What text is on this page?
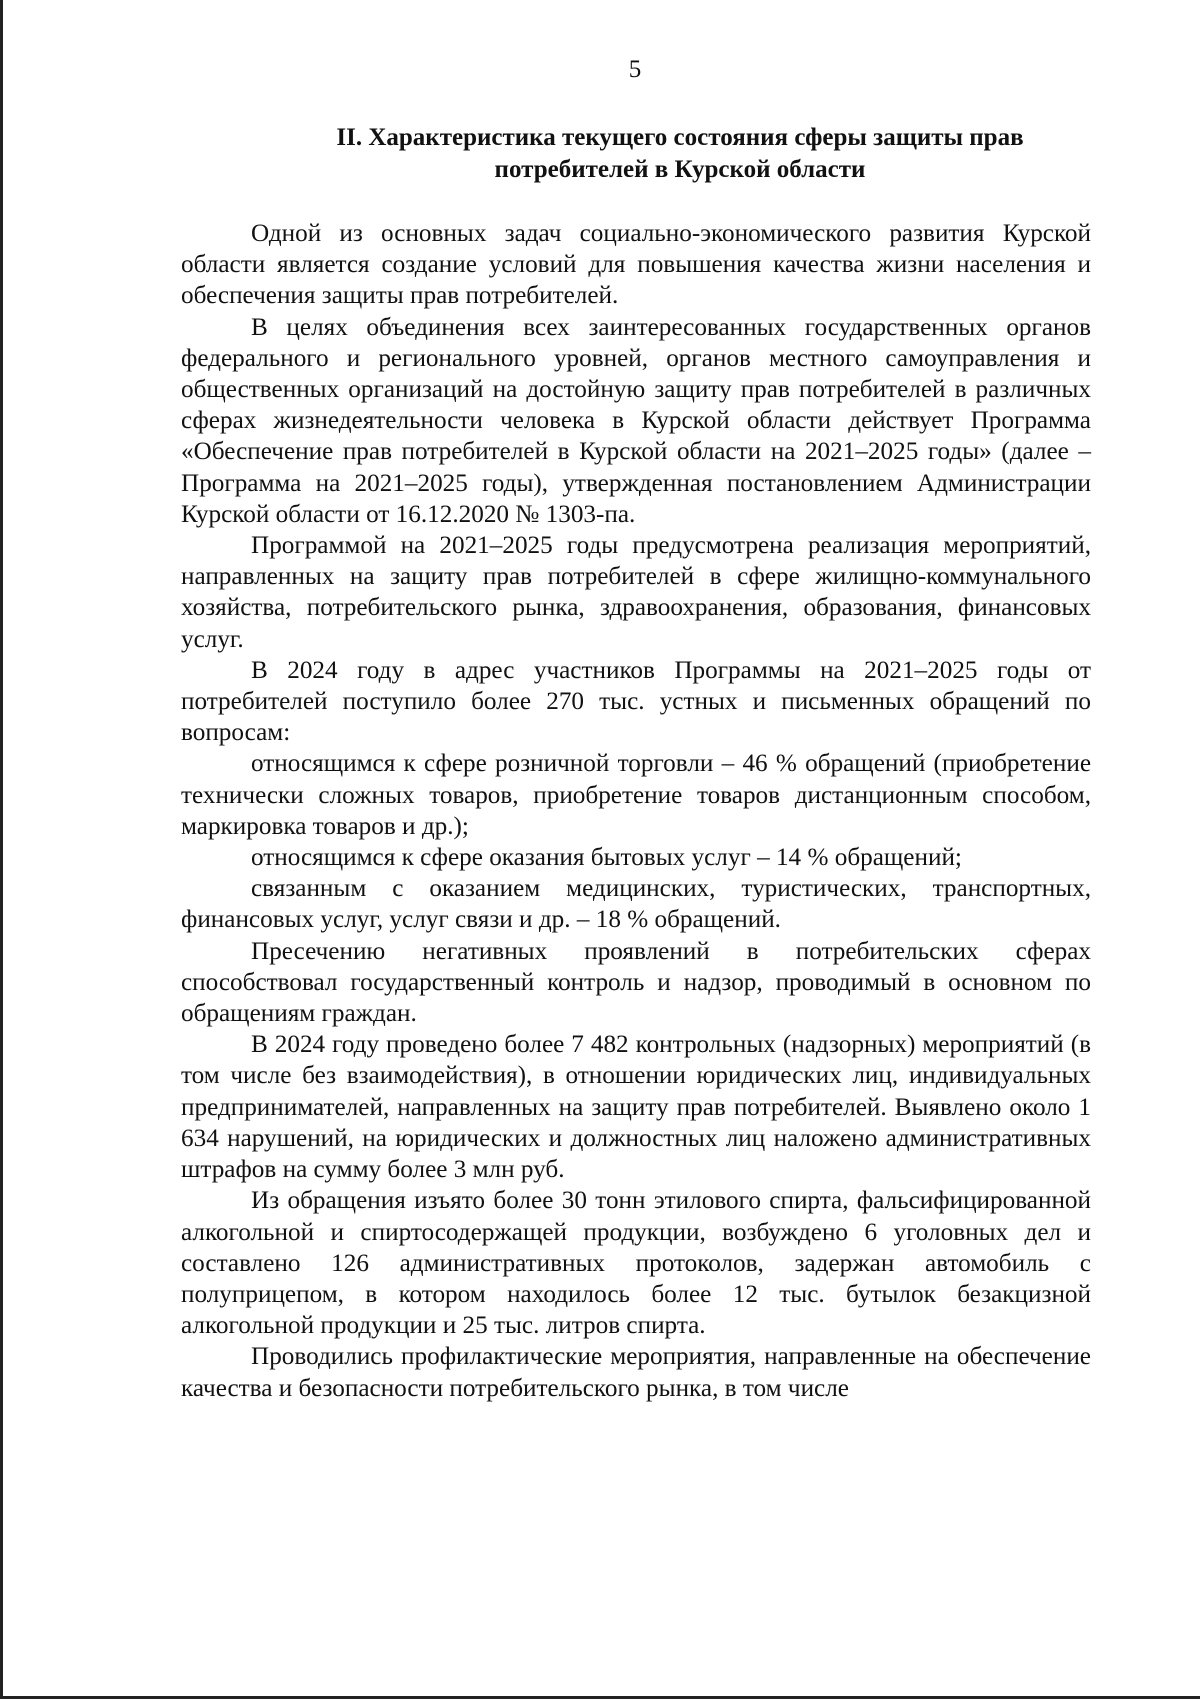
5
II. Характеристика текущего состояния сферы защиты прав
потребителей в Курской области

Одной из основных задач социально-экономического развития Курской области является создание условий для повышения качества жизни населения и обеспечения защиты прав потребителей.

В целях объединения всех заинтересованных государственных органов федерального и регионального уровней, органов местного самоуправления и общественных организаций на достойную защиту прав потребителей в различных сферах жизнедеятельности человека в Курской области действует Программа «Обеспечение прав потребителей в Курской области на 2021–2025 годы» (далее – Программа на 2021–2025 годы), утвержденная постановлением Администрации Курской области от 16.12.2020 № 1303-па.

Программой на 2021–2025 годы предусмотрена реализация мероприятий, направленных на защиту прав потребителей в сфере жилищно-коммунального хозяйства, потребительского рынка, здравоохранения, образования, финансовых услуг.

В 2024 году в адрес участников Программы на 2021–2025 годы от потребителей поступило более 270 тыс. устных и письменных обращений по вопросам:

относящимся к сфере розничной торговли – 46 % обращений (приобретение технически сложных товаров, приобретение товаров дистанционным способом, маркировка товаров и др.);

относящимся к сфере оказания бытовых услуг – 14 % обращений;

связанным с оказанием медицинских, туристических, транспортных, финансовых услуг, услуг связи и др. – 18 % обращений.

Пресечению негативных проявлений в потребительских сферах способствовал государственный контроль и надзор, проводимый в основном по обращениям граждан.

В 2024 году проведено более 7 482 контрольных (надзорных) мероприятий (в том числе без взаимодействия), в отношении юридических лиц, индивидуальных предпринимателей, направленных на защиту прав потребителей. Выявлено около 1 634 нарушений, на юридических и должностных лиц наложено административных штрафов на сумму более 3 млн руб.

Из обращения изъято более 30 тонн этилового спирта, фальсифицированной алкогольной и спиртосодержащей продукции, возбуждено 6 уголовных дел и составлено 126 административных протоколов, задержан автомобиль с полуприцепом, в котором находилось более 12 тыс. бутылок безакцизной алкогольной продукции и 25 тыс. литров спирта.

Проводились профилактические мероприятия, направленные на обеспечение качества и безопасности потребительского рынка, в том числе
